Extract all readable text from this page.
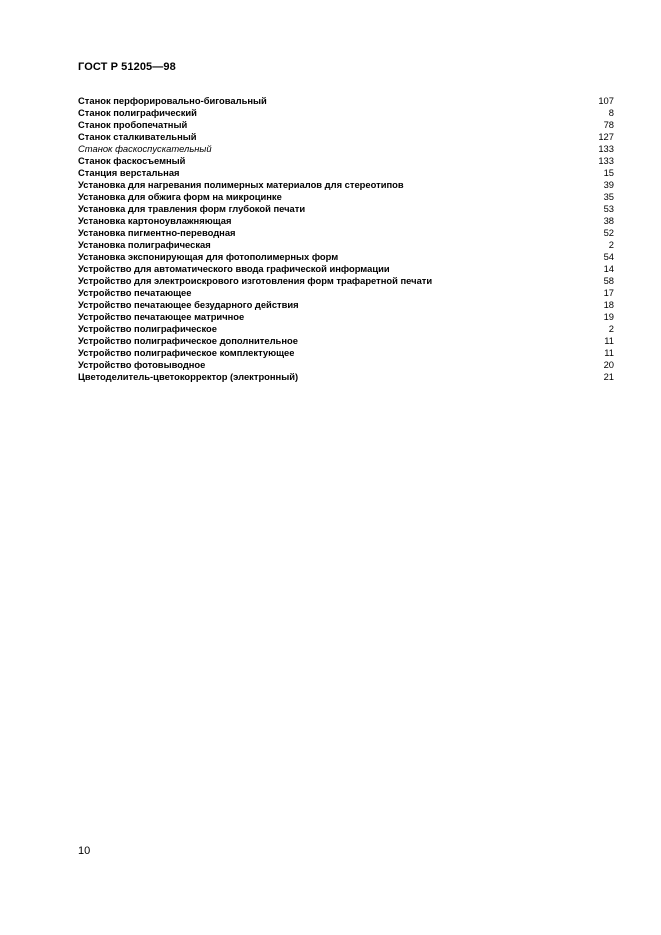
ГОСТ Р 51205—98
Станок перфорировально-биговальный	107
Станок полиграфический	8
Станок пробопечатный	78
Станок сталкивательный	127
Станок фаскоспускательный	133
Станок фаскосъемный	133
Станция верстальная	15
Установка для нагревания полимерных материалов для стереотипов	39
Установка для обжига форм на микроцинке	35
Установка для травления форм глубокой печати	53
Установка картоноувлажняющая	38
Установка пигментно-переводная	52
Установка полиграфическая	2
Установка экспонирующая для фотополимерных форм	54
Устройство для автоматического ввода графической информации	14
Устройство для электроискрового изготовления форм трафаретной печати	58
Устройство печатающее	17
Устройство печатающее безударного действия	18
Устройство печатающее матричное	19
Устройство полиграфическое	2
Устройство полиграфическое дополнительное	11
Устройство полиграфическое комплектующее	11
Устройство фотовыводное	20
Цветоделитель-цветокорректор (электронный)	21
10
